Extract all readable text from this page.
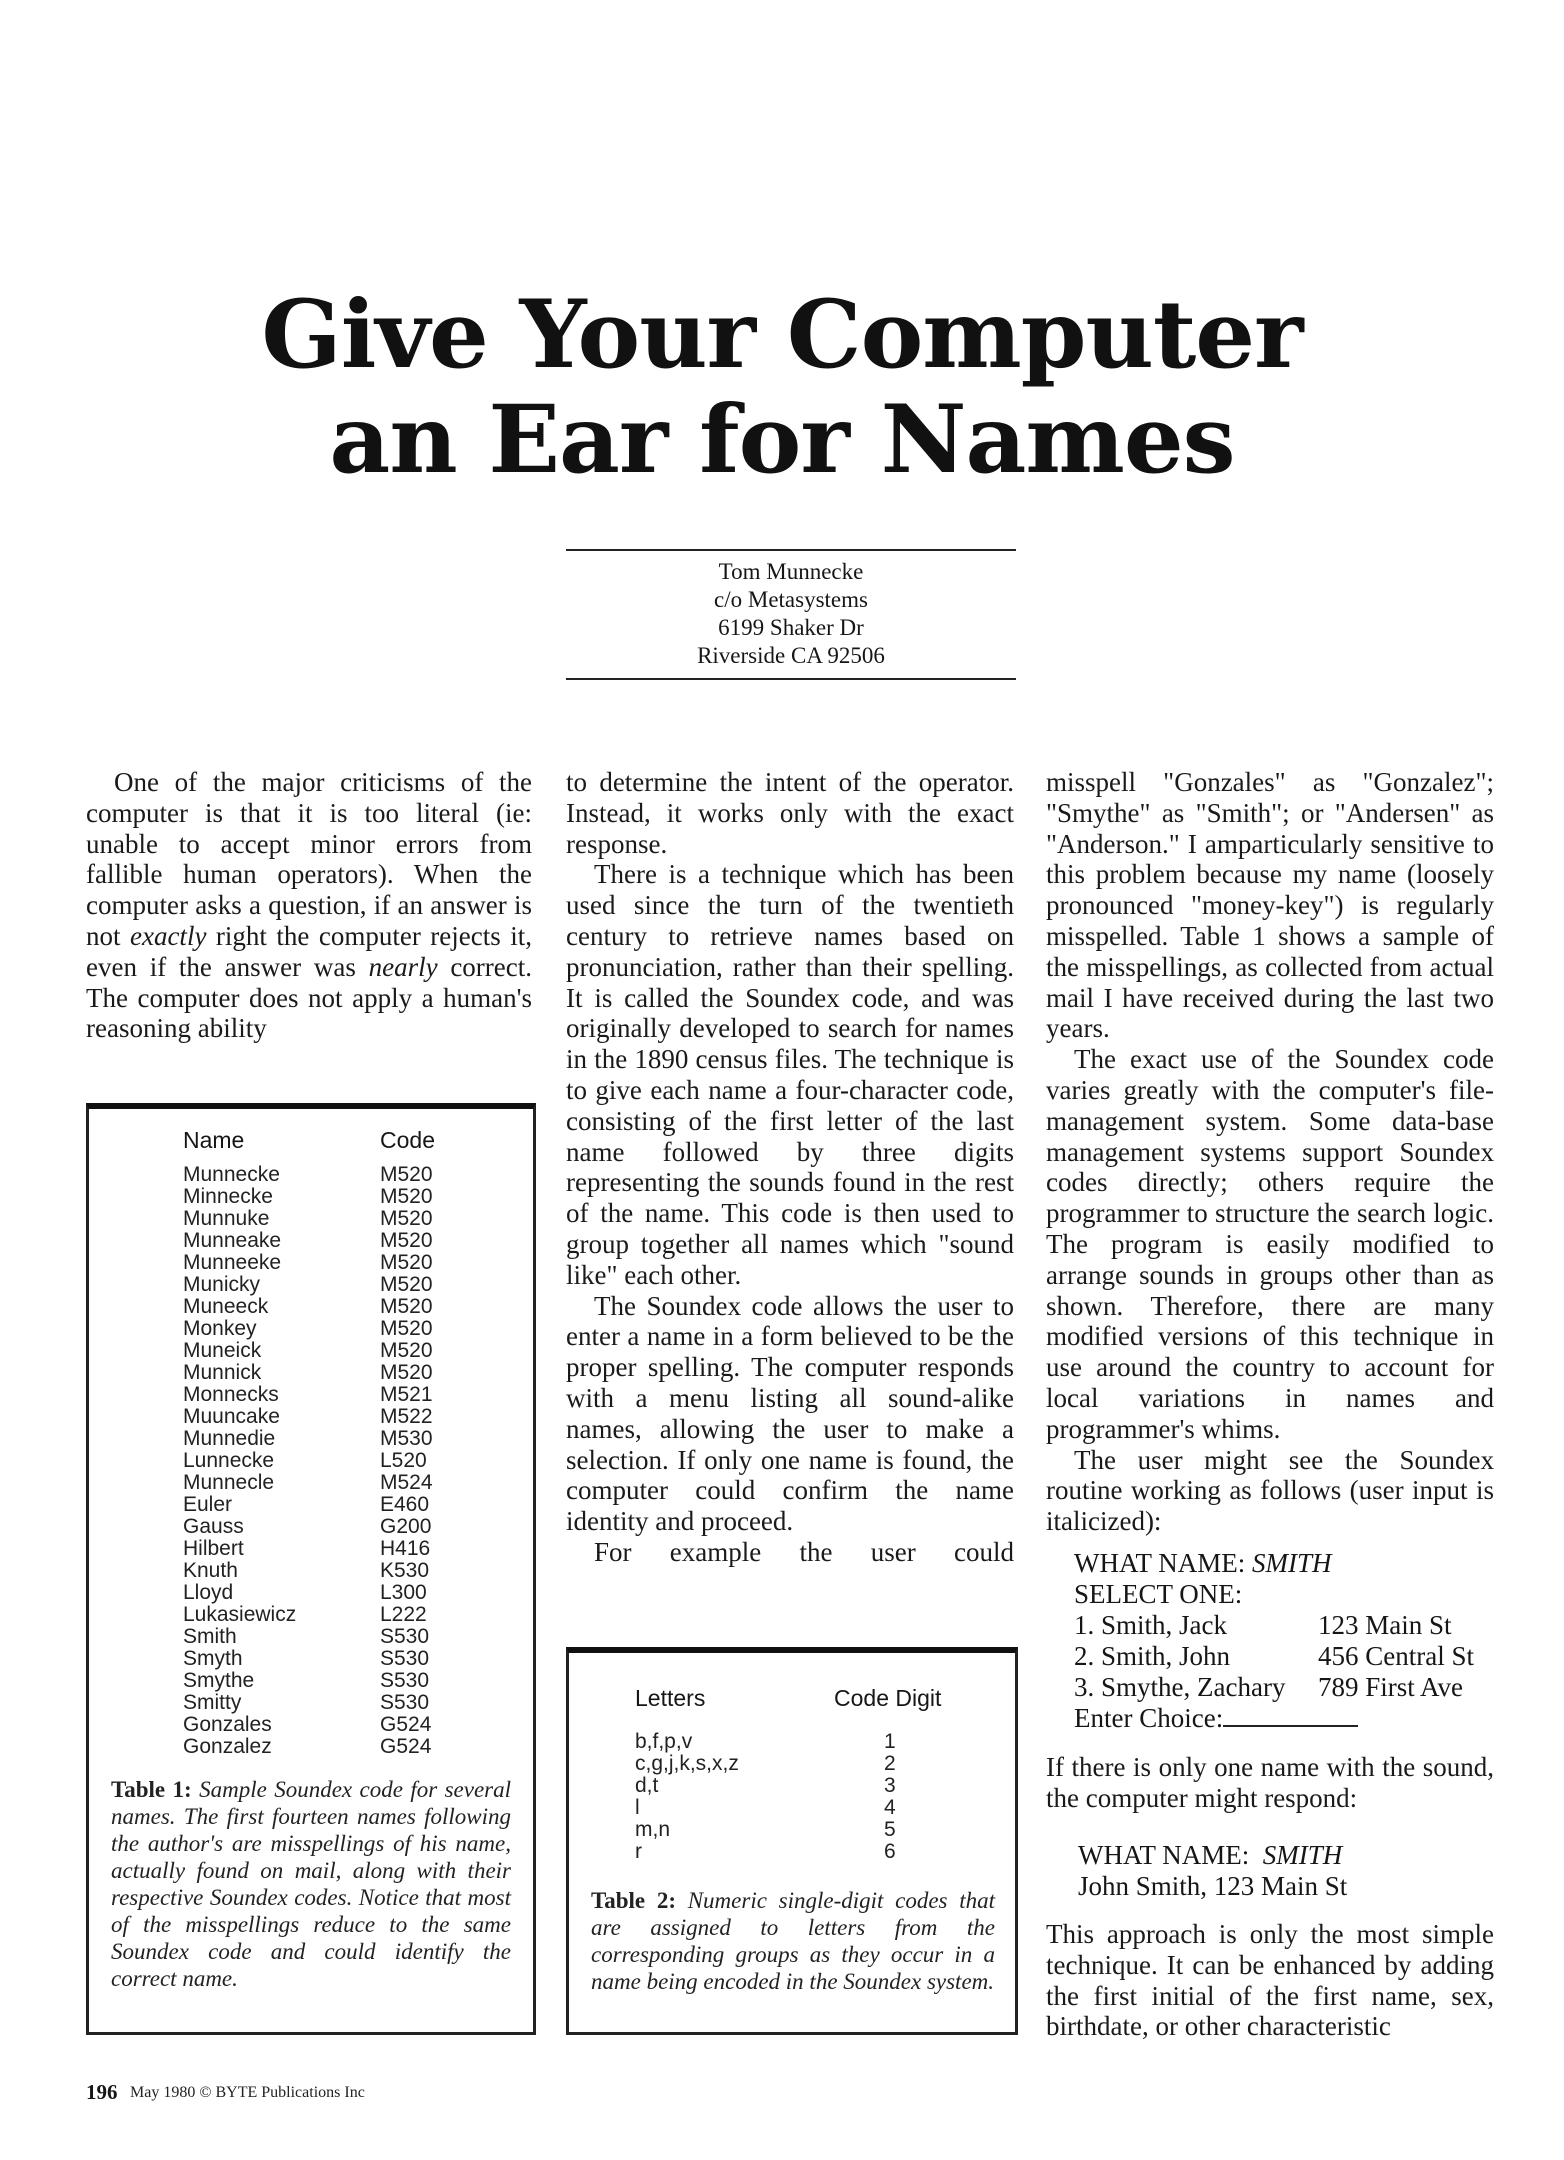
Give Your Computer
an Ear for Names
Tom Munnecke
c/o Metasystems
6199 Shaker Dr
Riverside CA 92506

One of the major criticisms of the computer is that it is too literal (ie: unable to accept minor errors from fallible human operators). When the computer asks a question, if an answer is not exactly right the computer rejects it, even if the answer was nearly correct. The computer does not apply a human's reasoning ability

Name	Code
Munnecke	M520
Minnecke	M520
Munnuke	M520
Munneake	M520
Munneeke	M520
Municky	M520
Muneeck	M520
Monkey	M520
Muneick	M520
Munnick	M520
Monnecks	M521
Muuncake	M522
Munnedie	M530
Lunnecke	L520
Munnecle	M524
Euler	E460
Gauss	G200
Hilbert	H416
Knuth	K530
Lloyd	L300
Lukasiewicz	L222
Smith	S530
Smyth	S530
Smythe	S530
Smitty	S530
Gonzales	G524
Gonzalez	G524
Table 1: Sample Soundex code for several names. The first fourteen names following the author's are misspellings of his name, actually found on mail, along with their respective Soundex codes. Notice that most of the misspellings reduce to the same Soundex code and could identify the correct name.

to determine the intent of the operator. Instead, it works only with the exact response.

There is a technique which has been used since the turn of the twentieth century to retrieve names based on pronunciation, rather than their spelling. It is called the Soundex code, and was originally developed to search for names in the 1890 census files. The technique is to give each name a four-character code, consisting of the first letter of the last name followed by three digits representing the sounds found in the rest of the name. This code is then used to group together all names which "sound like" each other.

The Soundex code allows the user to enter a name in a form believed to be the proper spelling. The computer responds with a menu listing all sound-alike names, allowing the user to make a selection. If only one name is found, the computer could confirm the name identity and proceed.

For example the user could

Letters	Code Digit
b,f,p,v	1
c,g,j,k,s,x,z	2
d,t	3
l	4
m,n	5
r	6
Table 2: Numeric single-digit codes that are assigned to letters from the corresponding groups as they occur in a name being encoded in the Soundex system.

misspell "Gonzales" as "Gonzalez"; "Smythe" as "Smith"; or "Andersen" as "Anderson." I amparticularly sensitive to this problem because my name (loosely pronounced "money-key") is regularly misspelled. Table 1 shows a sample of the misspellings, as collected from actual mail I have received during the last two years.

The exact use of the Soundex code varies greatly with the computer's file-management system. Some data-base management systems support Soundex codes directly; others require the programmer to structure the search logic. The program is easily modified to arrange sounds in groups other than as shown. Therefore, there are many modified versions of this technique in use around the country to account for local variations in names and programmer's whims.

The user might see the Soundex routine working as follows (user input is italicized):

WHAT NAME: SMITH
SELECT ONE:
1. Smith, Jack	123 Main St
2. Smith, John	456 Central St
3. Smythe, Zachary 789 First Ave
Enter Choice:

If there is only one name with the sound, the computer might respond:

WHAT NAME: SMITH
John Smith, 123 Main St

This approach is only the most simple technique. It can be enhanced by adding the first initial of the first name, sex, birthdate, or other characteristic

196 May 1980 © BYTE Publications Inc
